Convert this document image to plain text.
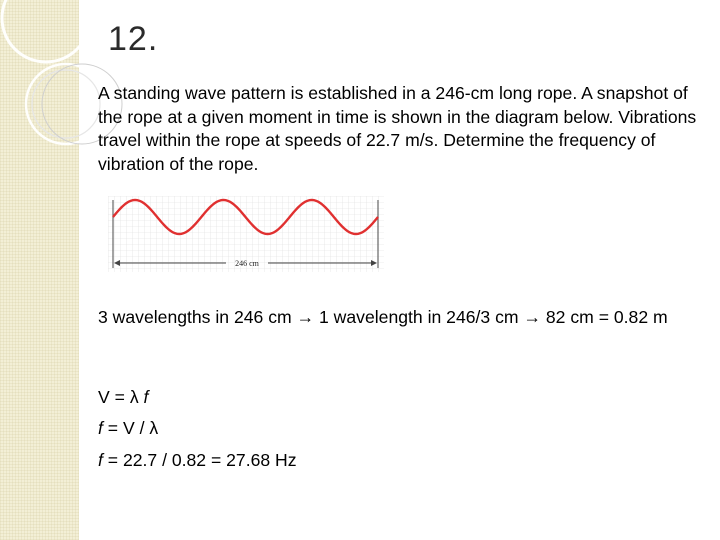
12.
A standing wave pattern is established in a 246-cm long rope. A snapshot of the rope at a given moment in time is shown in the diagram below. Vibrations travel within the rope at speeds of 22.7 m/s. Determine the frequency of vibration of the rope.
246 cm
3 wavelengths in 246 cm → 1 wavelength in 246/3 cm → 82 cm = 0.82 m
V = λ f
f = V / λ
f = 22.7 / 0.82 = 27.68 Hz
